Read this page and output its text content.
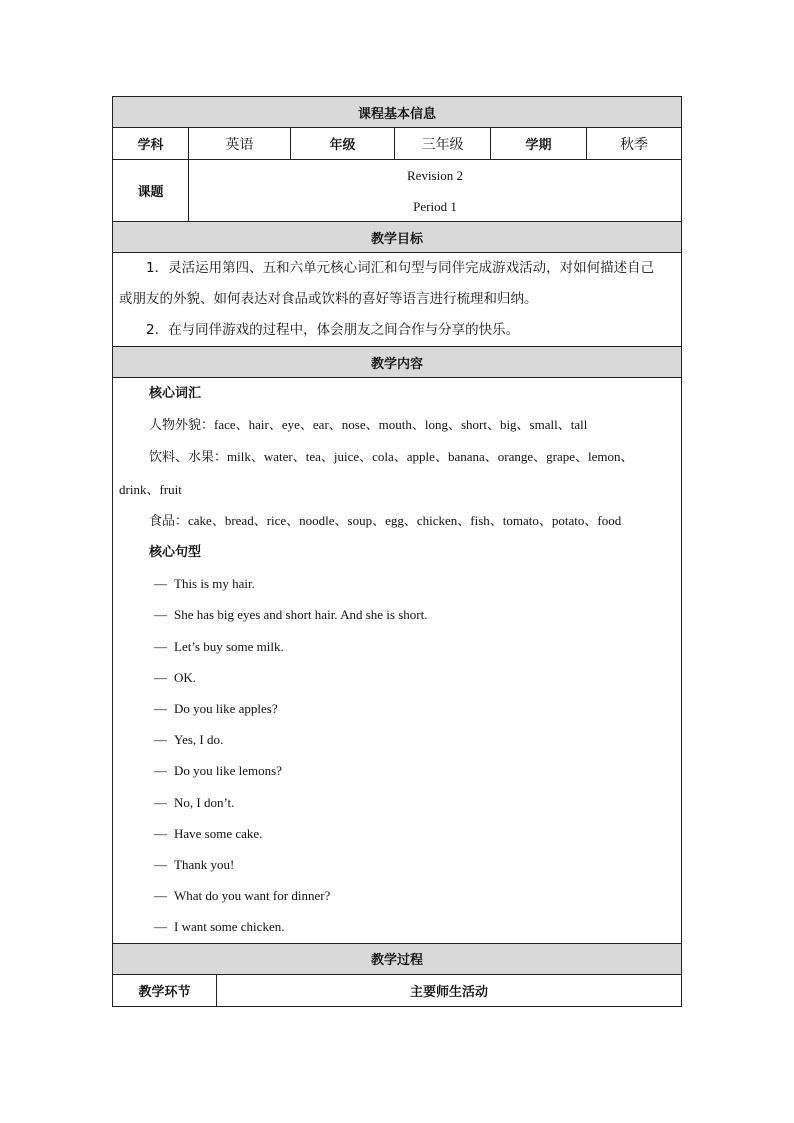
课程基本信息
学科	英语	年级	三年级	学期	秋季
课题
Revision 2
Period 1
教学目标

1．灵活运用第四、五和六单元核心词汇和句型与同伴完成游戏活动，对如何描述自己

或朋友的外貌、如何表达对食品或饮料的喜好等语言进行梳理和归纳。

2．在与同伴游戏的过程中，体会朋友之间合作与分享的快乐。

教学内容
核心词汇
人物外貌：face、hair、eye、ear、nose、mouth、long、short、big、small、tall
饮料、水果：milk、water、tea、juice、cola、apple、banana、orange、grape、lemon、
drink、fruit
食品：cake、bread、rice、noodle、soup、egg、chicken、fish、tomato、potato、food
核心句型
— This is my hair.
— She has big eyes and short hair. And she is short.
— Let’s buy some milk.
— OK.
— Do you like apples?
— Yes, I do.
— Do you like lemons?
— No, I don’t.
— Have some cake.
— Thank you!
— What do you want for dinner?
— I want some chicken.
教学过程
教学环节	主要师生活动
